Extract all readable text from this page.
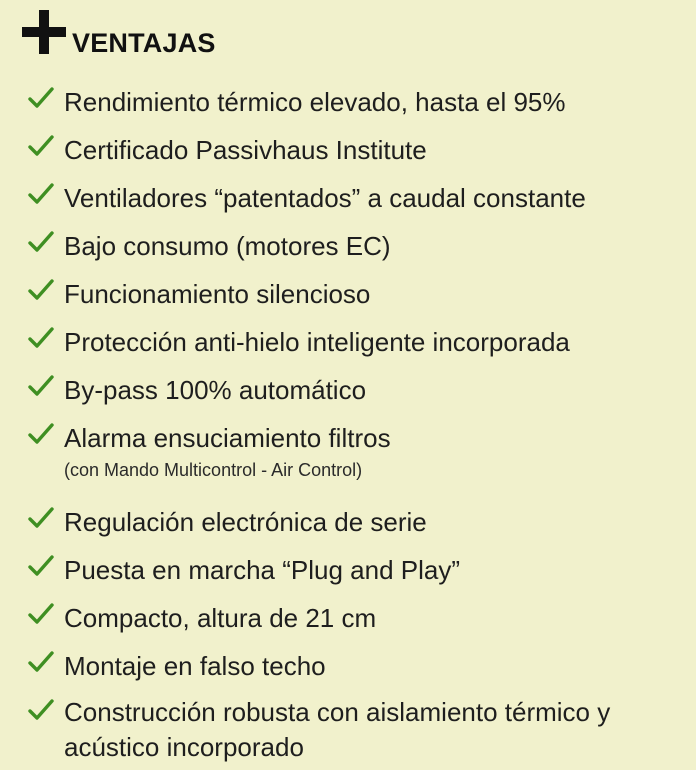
VENTAJAS
Rendimiento térmico elevado, hasta el 95%
Certificado Passivhaus Institute
Ventiladores “patentados” a caudal constante
Bajo consumo (motores EC)
Funcionamiento silencioso
Protección anti-hielo inteligente incorporada
By-pass 100% automático
Alarma ensuciamiento filtros
(con Mando Multicontrol - Air Control)
Regulación electrónica de serie
Puesta en marcha “Plug and Play”
Compacto, altura de 21 cm
Montaje en falso techo
Construcción robusta con aislamiento térmico y acústico incorporado
